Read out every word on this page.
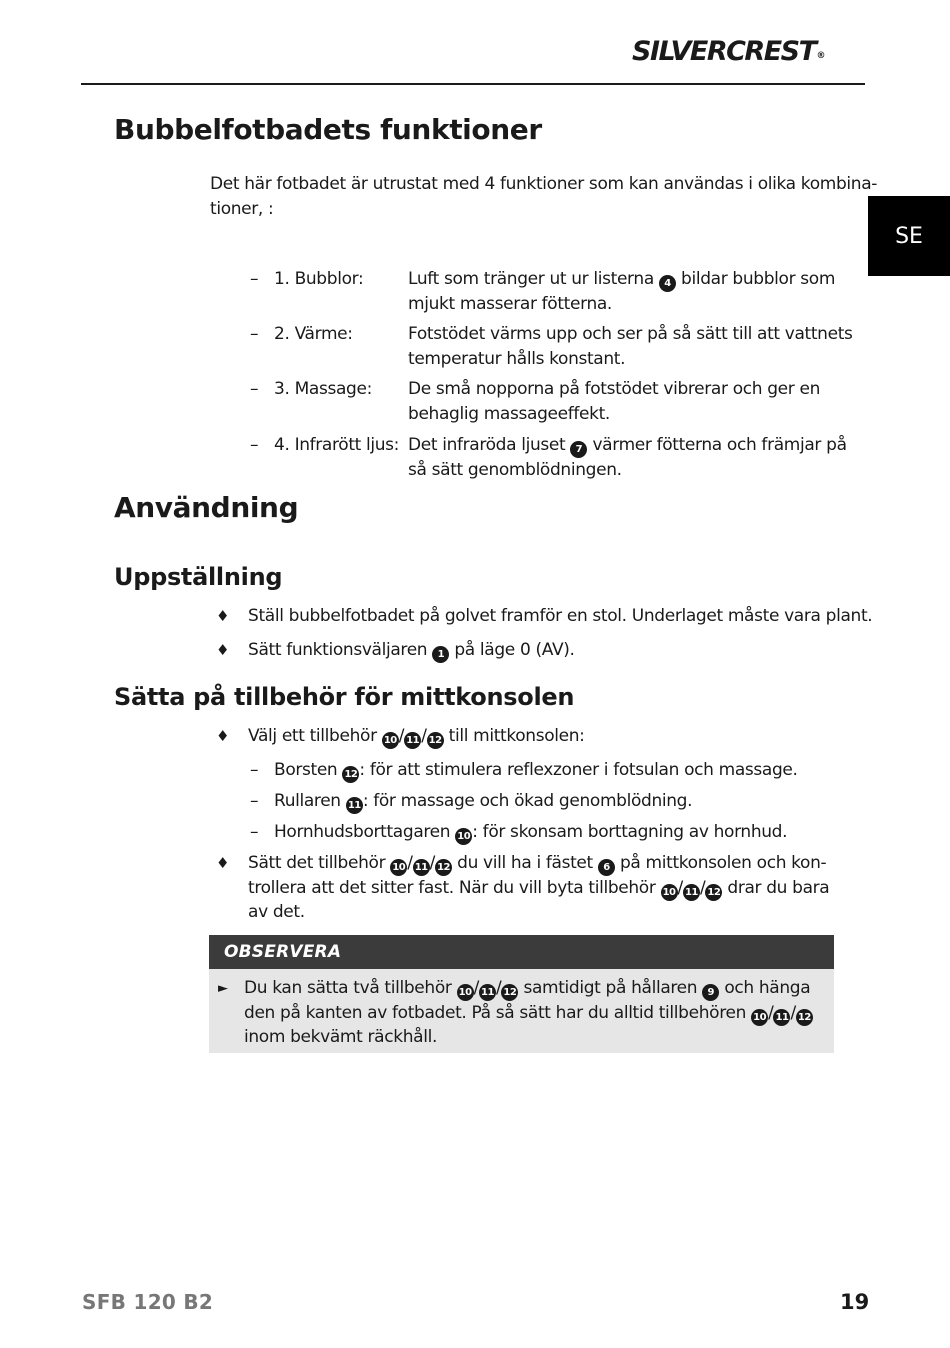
SILVERCREST®
SE
Bubbelfotbadets funktioner
Det här fotbadet är utrustat med 4 funktioner som kan användas i olika kombina-
tioner, :
– 1. Bubblor:	Luft som tränger ut ur listerna 4 bildar bubblor som
mjukt masserar fötterna.
– 2. Värme:	Fotstödet värms upp och ser på så sätt till att vattnets
temperatur hålls konstant.
– 3. Massage: De små nopporna på fotstödet vibrerar och ger en
behaglig massageeffekt.
– 4. Infrarött ljus: Det infraröda ljuset 7 värmer fötterna och främjar på
så sätt genomblödningen.
Användning
Uppställning
♦ Ställ bubbelfotbadet på golvet framför en stol. Underlaget måste vara plant.
♦ Sätt funktionsväljaren 1 på läge 0 (AV).
Sätta på tillbehör för mittkonsolen
♦ Välj ett tillbehör 10 / 11 / 12 till mittkonsolen:
– Borsten 12 : för att stimulera reflexzoner i fotsulan och massage.
– Rullaren 11 : för massage och ökad genomblödning.
– Hornhudsborttagaren 10 : för skonsam borttagning av hornhud.
♦ Sätt det tillbehör 10 / 11 / 12 du vill ha i fästet 6 på mittkonsolen och kon-
trollera att det sitter fast. När du vill byta tillbehör 10 / 11 / 12 drar du bara
av det.
OBSERVERA
► Du kan sätta två tillbehör 10 / 11 / 12 samtidigt på hållaren 9 och hänga
den på kanten av fotbadet. På så sätt har du alltid tillbehören 10 / 11 / 12
inom bekvämt räckhåll.
SFB 120 B2	19
